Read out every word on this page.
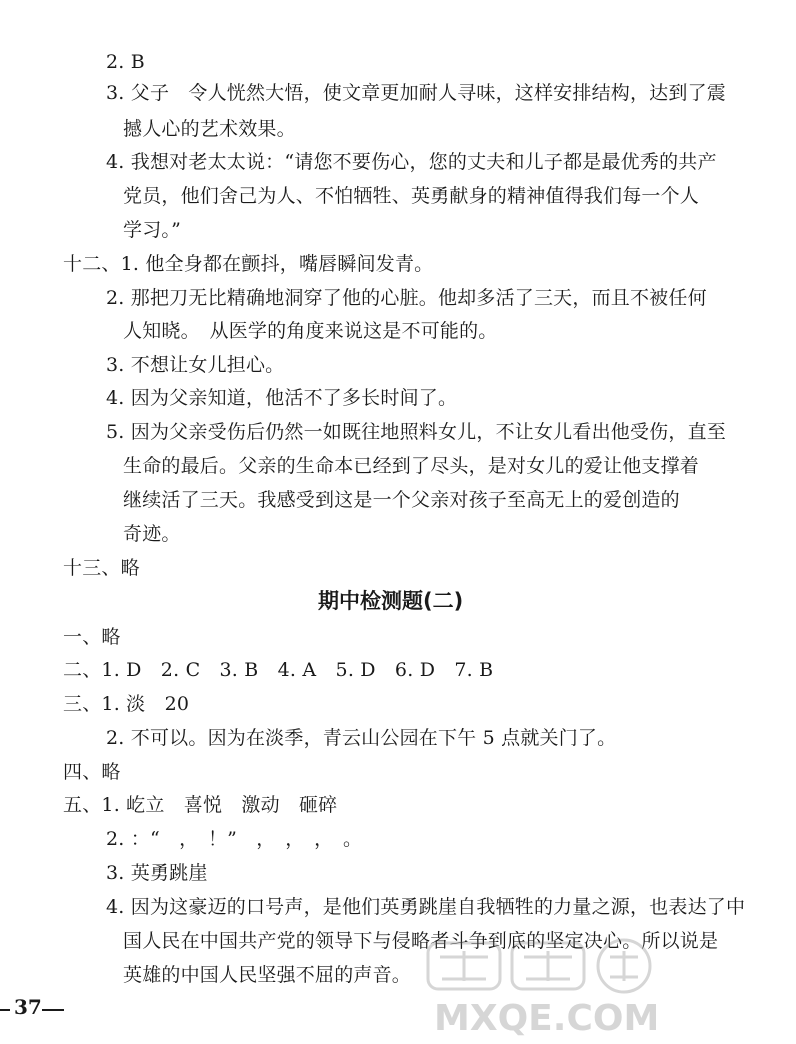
2. B
3. 父子　令人恍然大悟，使文章更加耐人寻味，这样安排结构，达到了震
撼人心的艺术效果。
4. 我想对老太太说：“请您不要伤心，您的丈夫和儿子都是最优秀的共产
党员，他们舍己为人、不怕牺牲、英勇献身的精神值得我们每一个人
学习。”
十二、1. 他全身都在颤抖，嘴唇瞬间发青。
2. 那把刀无比精确地洞穿了他的心脏。他却多活了三天，而且不被任何
人知晓。　从医学的角度来说这是不可能的。
3. 不想让女儿担心。
4. 因为父亲知道，他活不了多长时间了。
5. 因为父亲受伤后仍然一如既往地照料女儿，不让女儿看出他受伤，直至
生命的最后。父亲的生命本已经到了尽头，是对女儿的爱让他支撑着
继续活了三天。我感受到这是一个父亲对孩子至高无上的爱创造的
奇迹。
十三、略
期中检测题(二)
一、略
二、1. D　2. C　3. B　4. A　5. D　6. D　7. B
三、1. 淡　20
2. 不可以。因为在淡季，青云山公园在下午 5 点就关门了。
四、略
五、1. 屹立　喜悦　激动　砸碎
2. ：“　，　！”　，　，　，　。
3. 英勇跳崖
4. 因为这豪迈的口号声，是他们英勇跳崖自我牺牲的力量之源，也表达了中
国人民在中国共产党的领导下与侵略者斗争到底的坚定决心。所以说是
英雄的中国人民坚强不屈的声音。
37	MXQE.COM
